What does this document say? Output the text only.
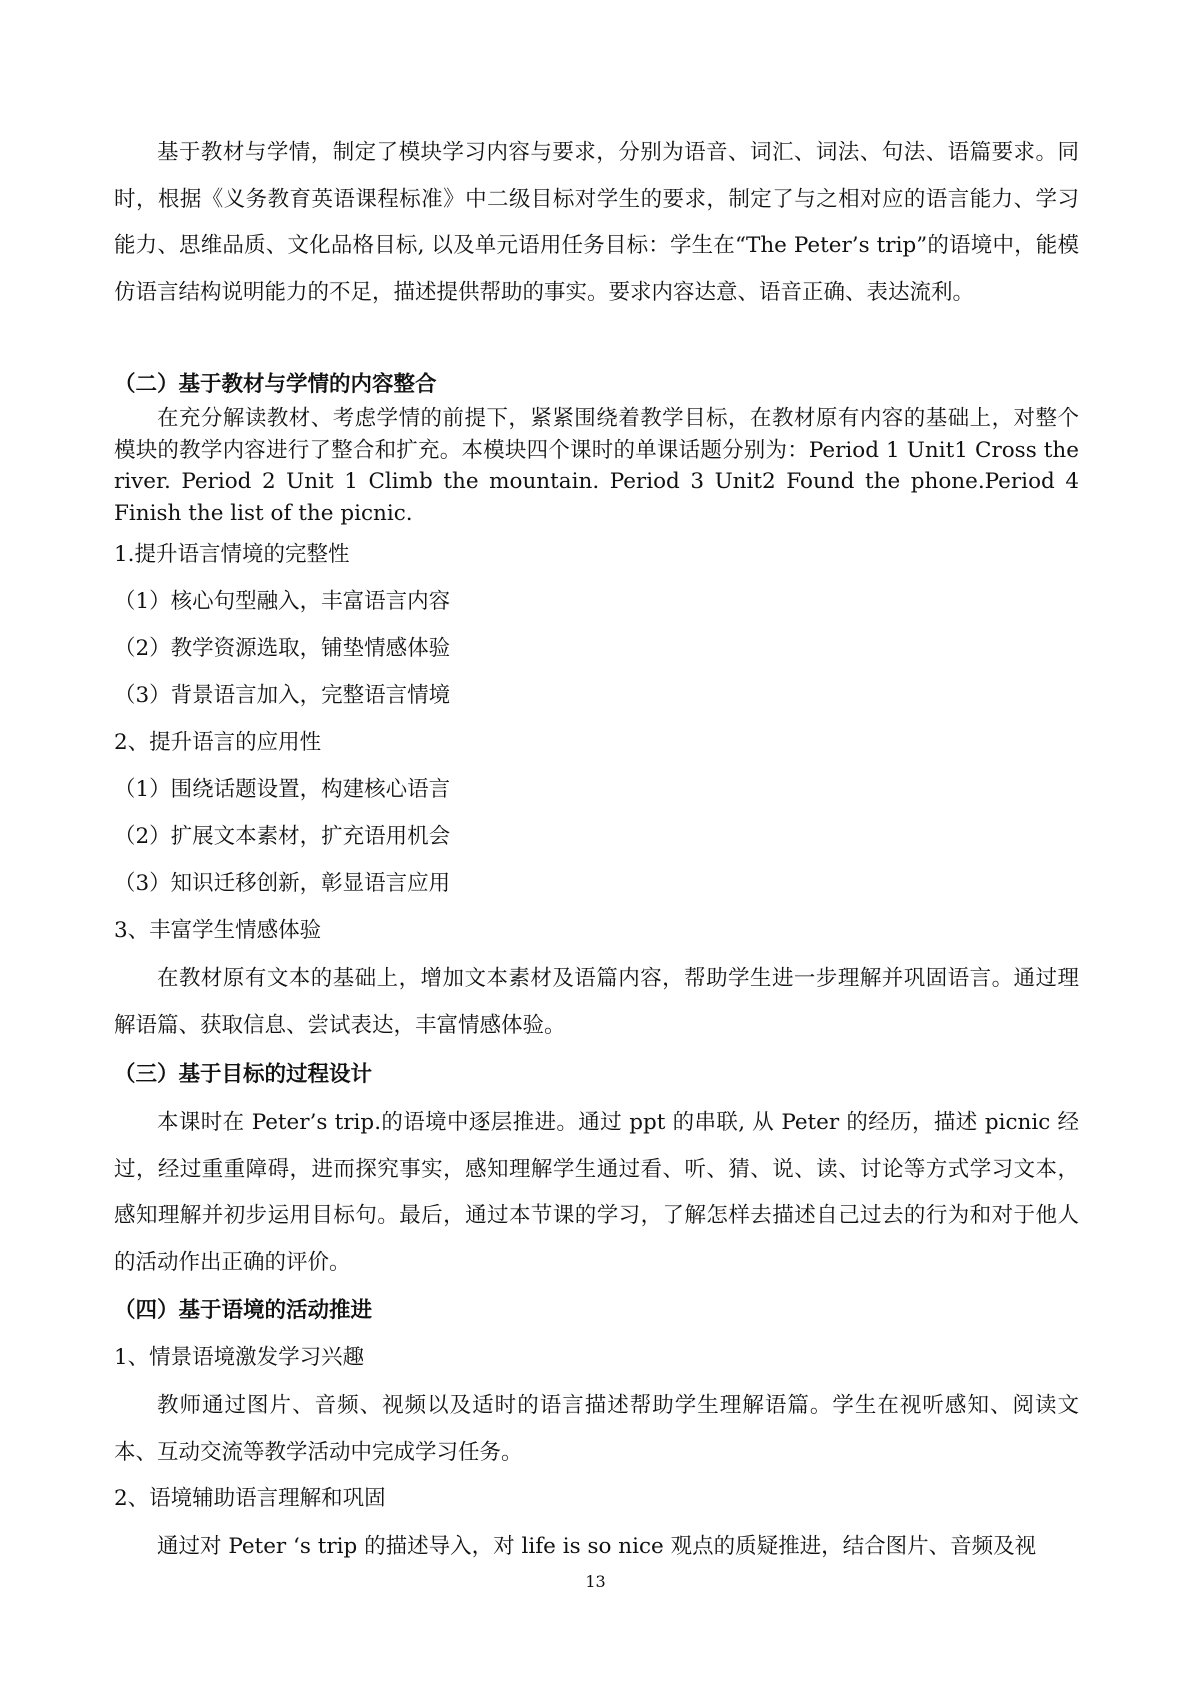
基于教材与学情，制定了模块学习内容与要求，分别为语音、词汇、词法、句法、语篇要求。同时，根据《义务教育英语课程标准》中二级目标对学生的要求，制定了与之相对应的语言能力、学习能力、思维品质、文化品格目标, 以及单元语用任务目标：学生在“The Peter’s trip”的语境中，能模仿语言结构说明能力的不足，描述提供帮助的事实。要求内容达意、语音正确、表达流利。

（二）基于教材与学情的内容整合

在充分解读教材、考虑学情的前提下，紧紧围绕着教学目标，在教材原有内容的基础上，对整个模块的教学内容进行了整合和扩充。本模块四个课时的单课话题分别为：Period 1 Unit1 Cross the river. Period 2 Unit 1 Climb the mountain. Period 3 Unit2 Found the phone.Period 4 Finish the list of the picnic.

1.提升语言情境的完整性

（1）核心句型融入，丰富语言内容

（2）教学资源选取，铺垫情感体验

（3）背景语言加入，完整语言情境

2、提升语言的应用性

（1）围绕话题设置，构建核心语言

（2）扩展文本素材，扩充语用机会

（3）知识迁移创新，彰显语言应用

3、丰富学生情感体验

在教材原有文本的基础上，增加文本素材及语篇内容，帮助学生进一步理解并巩固语言。通过理解语篇、获取信息、尝试表达，丰富情感体验。

（三）基于目标的过程设计

本课时在 Peter’s trip.的语境中逐层推进。通过 ppt 的串联, 从 Peter 的经历，描述 picnic 经过，经过重重障碍，进而探究事实，感知理解学生通过看、听、猜、说、读、讨论等方式学习文本，感知理解并初步运用目标句。最后，通过本节课的学习，了解怎样去描述自己过去的行为和对于他人的活动作出正确的评价。

（四）基于语境的活动推进

1、情景语境激发学习兴趣

教师通过图片、音频、视频以及适时的语言描述帮助学生理解语篇。学生在视听感知、阅读文本、互动交流等教学活动中完成学习任务。

2、语境辅助语言理解和巩固

通过对 Peter ‘s trip 的描述导入，对 life is so nice 观点的质疑推进，结合图片、音频及视

13
